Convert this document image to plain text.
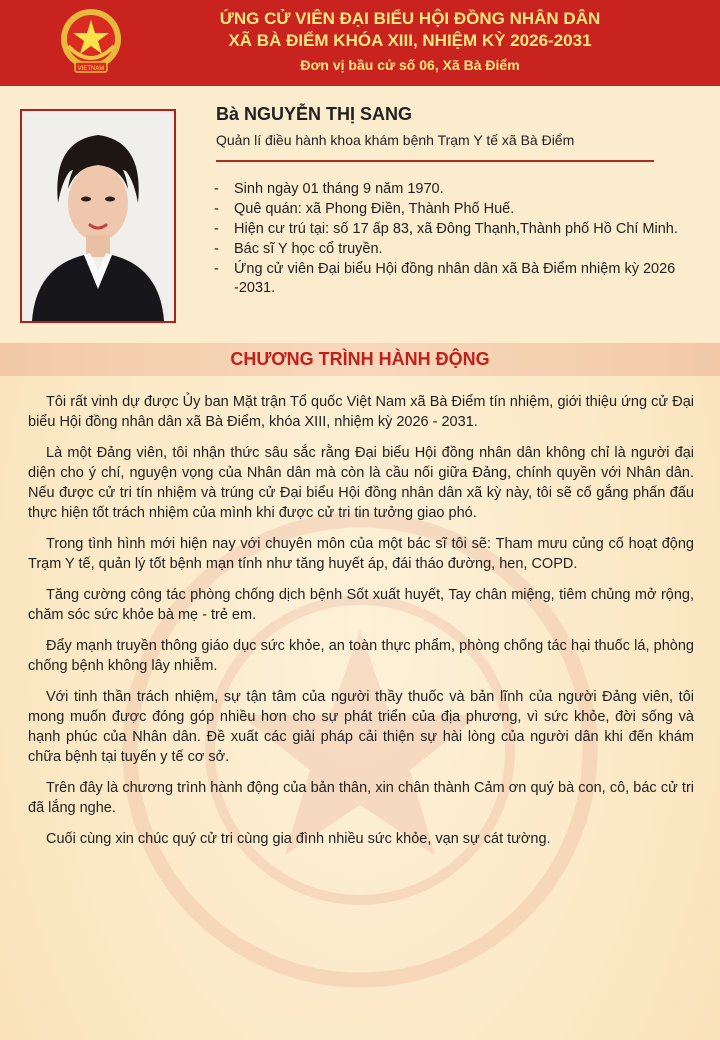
VIETNAM
ỨNG CỬ VIÊN ĐẠI BIỂU HỘI ĐỒNG NHÂN DÂN
XÃ BÀ ĐIỂM KHÓA XIII, NHIỆM KỲ 2026-2031
Đơn vị bầu cử số 06, Xã Bà Điểm
Bà NGUYỄN THỊ SANG
Quản lí điều hành khoa khám bệnh Trạm Y tế xã Bà Điểm
- Sinh ngày 01 tháng 9 năm 1970.
- Quê quán: xã Phong Điền, Thành Phố Huế.
- Hiện cư trú tại: số 17 ấp 83, xã Đông Thạnh,Thành phố Hồ Chí Minh.
- Bác sĩ Y học cổ truyền.
- Ứng cử viên Đại biểu Hội đồng nhân dân xã Bà Điểm nhiệm kỳ 2026 -2031.
CHƯƠNG TRÌNH HÀNH ĐỘNG

Tôi rất vinh dự được Ủy ban Mặt trận Tổ quốc Việt Nam xã Bà Điểm tín nhiệm, giới thiệu ứng cử Đại biểu Hội đồng nhân dân xã Bà Điểm, khóa XIII, nhiệm kỳ 2026 - 2031.

Là một Đảng viên, tôi nhận thức sâu sắc rằng Đại biểu Hội đồng nhân dân không chỉ là người đại diện cho ý chí, nguyện vọng của Nhân dân mà còn là cầu nối giữa Đảng, chính quyền với Nhân dân. Nếu được cử tri tín nhiệm và trúng cử Đại biểu Hội đồng nhân dân xã kỳ này, tôi sẽ cố gắng phấn đấu thực hiện tốt trách nhiệm của mình khi được cử tri tin tưởng giao phó.

Trong tình hình mới hiện nay với chuyên môn của một bác sĩ tôi sẽ: Tham mưu củng cố hoạt động Trạm Y tế, quản lý tốt bệnh mạn tính như tăng huyết áp, đái tháo đường, hen, COPD.

Tăng cường công tác phòng chống dịch bệnh Sốt xuất huyết, Tay chân miệng, tiêm chủng mở rộng, chăm sóc sức khỏe bà mẹ - trẻ em.

Đẩy mạnh truyền thông giáo dục sức khỏe, an toàn thực phẩm, phòng chống tác hại thuốc lá, phòng chống bệnh không lây nhiễm.

Với tinh thần trách nhiệm, sự tận tâm của người thầy thuốc và bản lĩnh của người Đảng viên, tôi mong muốn được đóng góp nhiều hơn cho sự phát triển của địa phương, vì sức khỏe, đời sống và hạnh phúc của Nhân dân. Đề xuất các giải pháp cải thiện sự hài lòng của người dân khi đến khám chữa bệnh tại tuyến y tế cơ sở.

Trên đây là chương trình hành động của bản thân, xin chân thành Cảm ơn quý bà con, cô, bác cử tri đã lắng nghe.

Cuối cùng xin chúc quý cử tri cùng gia đình nhiều sức khỏe, vạn sự cát tường.
